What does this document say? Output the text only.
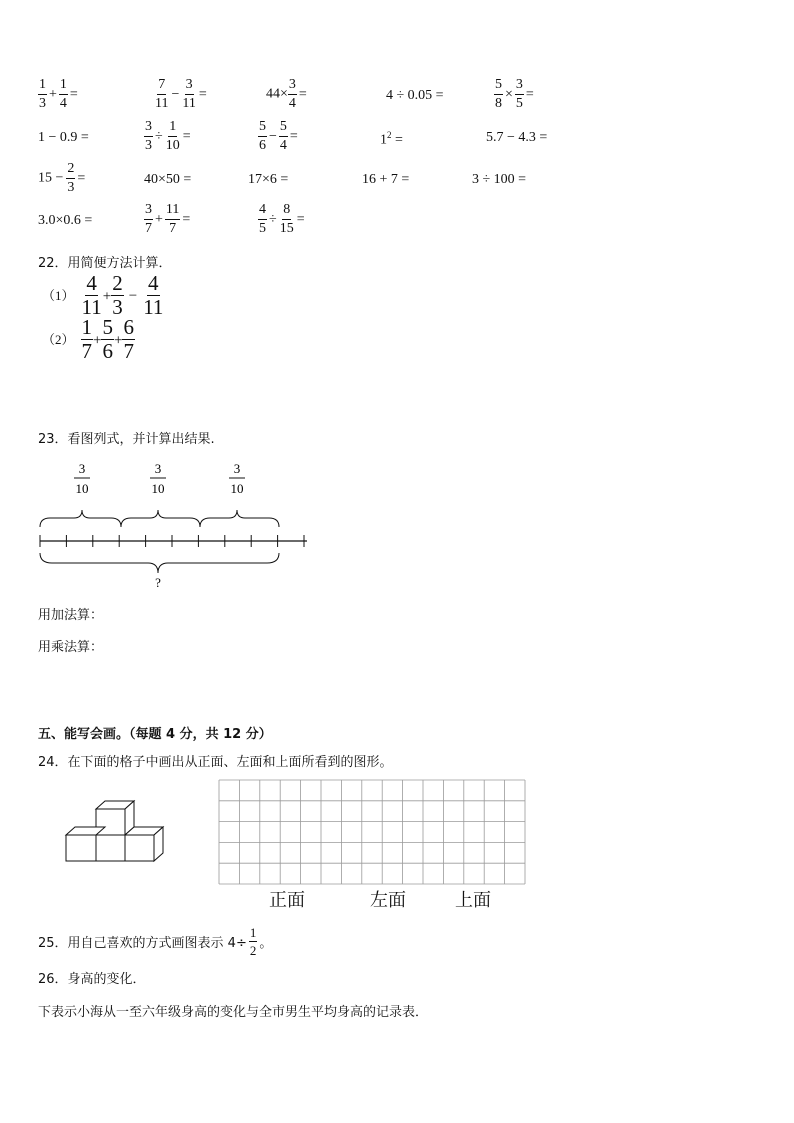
$\frac{1}{3} + \frac{1}{4}$ =	$\frac{7}{11} - \frac{3}{11}$ =	$44\times \frac{3}{4}$ =	4 ÷ 0.05 =	$\frac{5}{8} \times \frac{3}{5}$ =
1 − 0.9 =	$\frac{3}{3} \div \frac{1}{10}$ =	$\frac{5}{6} - \frac{5}{4}$ =	$1^2$ =	5.7 − 4.3 =
$15 - \frac{2}{3}$ =	40×50 =	17×6 =	16 + 7 =	3 ÷ 100 =
3.0×0.6 =	$\frac{3}{7} + \frac{11}{7}$ =	$\frac{4}{5} \div \frac{8}{15}$ =
22．用简便方法计算．
$(1) \frac{4}{11} + \frac{2}{3} - \frac{4}{11}$
$(2) \frac{1}{7} + \frac{5}{6} + \frac{6}{7}$
23．看图列式，并计算出结果.
3
10
3
10
3
10
?
用加法算：
用乘法算：
五、能写会画。（每题 4 分，共 12 分）
24．在下面的格子中画出从正面、左面和上面所看到的图形。
正面	左面	上面
25．用自己喜欢的方式画图表示 $4\div \frac{1}{2}$ 。
26．身高的变化．
下表示小海从一至六年级身高的变化与全市男生平均身高的记录表．
